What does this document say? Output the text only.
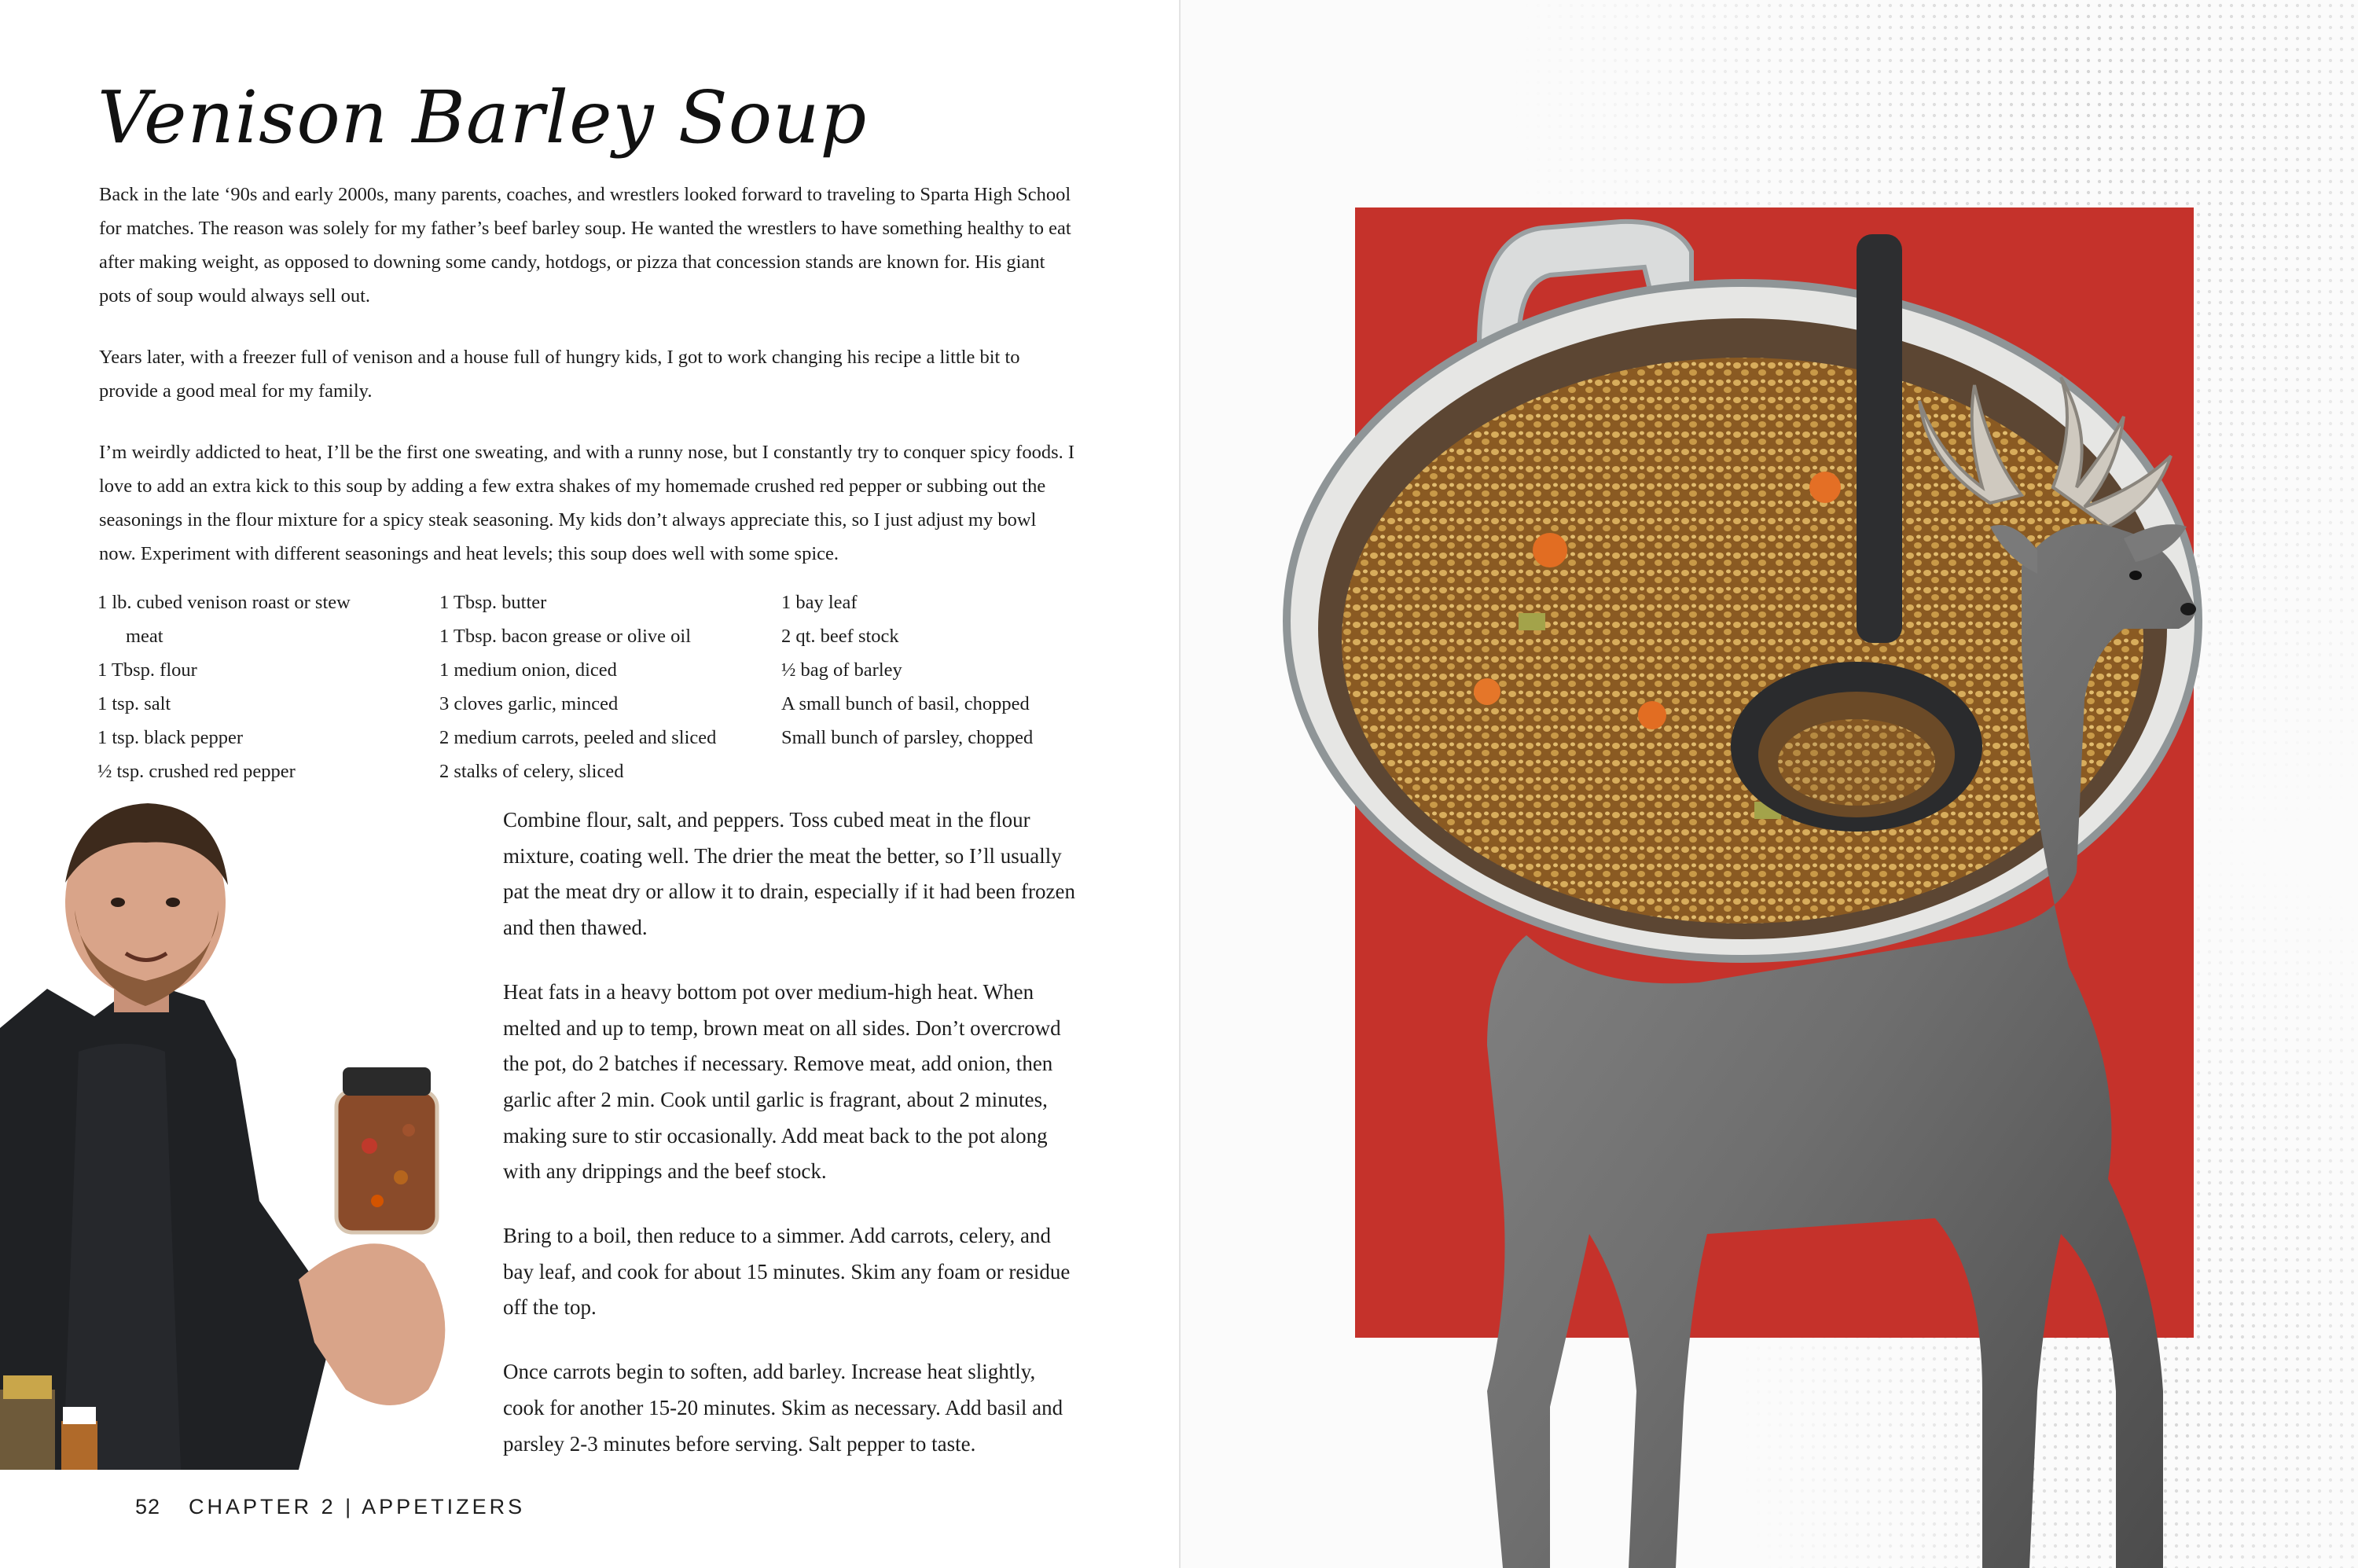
Venison Barley Soup

Back in the late ‘90s and early 2000s, many parents, coaches, and wrestlers looked forward to traveling to Sparta High School for matches. The reason was solely for my father’s beef barley soup. He wanted the wrestlers to have something healthy to eat after making weight, as opposed to downing some candy, hotdogs, or pizza that concession stands are known for. His giant pots of soup would always sell out.

Years later, with a freezer full of venison and a house full of hungry kids, I got to work changing his recipe a little bit to provide a good meal for my family.

I’m weirdly addicted to heat, I’ll be the first one sweating, and with a runny nose, but I constantly try to conquer spicy foods. I love to add an extra kick to this soup by adding a few extra shakes of my homemade crushed red pepper or subbing out the seasonings in the flour mixture for a spicy steak seasoning. My kids don’t always appreciate this, so I just adjust my bowl now. Experiment with different seasonings and heat levels; this soup does well with some spice.

1 lb. cubed venison roast or stew
meat
1 Tbsp. flour
1 tsp. salt
1 tsp. black pepper
½ tsp. crushed red pepper
1 Tbsp. butter
1 Tbsp. bacon grease or olive oil
1 medium onion, diced
3 cloves garlic, minced
2 medium carrots, peeled and sliced
2 stalks of celery, sliced
1 bay leaf
2 qt. beef stock
½ bag of barley
A small bunch of basil, chopped
Small bunch of parsley, chopped

Combine flour, salt, and peppers. Toss cubed meat in the flour mixture, coating well. The drier the meat the better, so I’ll usually pat the meat dry or allow it to drain, especially if it had been frozen and then thawed.

Heat fats in a heavy bottom pot over medium-high heat. When melted and up to temp, brown meat on all sides. Don’t overcrowd the pot, do 2 batches if necessary. Remove meat, add onion, then garlic after 2 min. Cook until garlic is fragrant, about 2 minutes, making sure to stir occasionally. Add meat back to the pot along with any drippings and the beef stock.

Bring to a boil, then reduce to a simmer. Add carrots, celery, and bay leaf, and cook for about 15 minutes. Skim any foam or residue off the top.

Once carrots begin to soften, add barley. Increase heat slightly, cook for another 15-20 minutes. Skim as necessary. Add basil and parsley 2-3 minutes before serving. Salt pepper to taste.

52 CHAPTER 2 | APPETIZERS
